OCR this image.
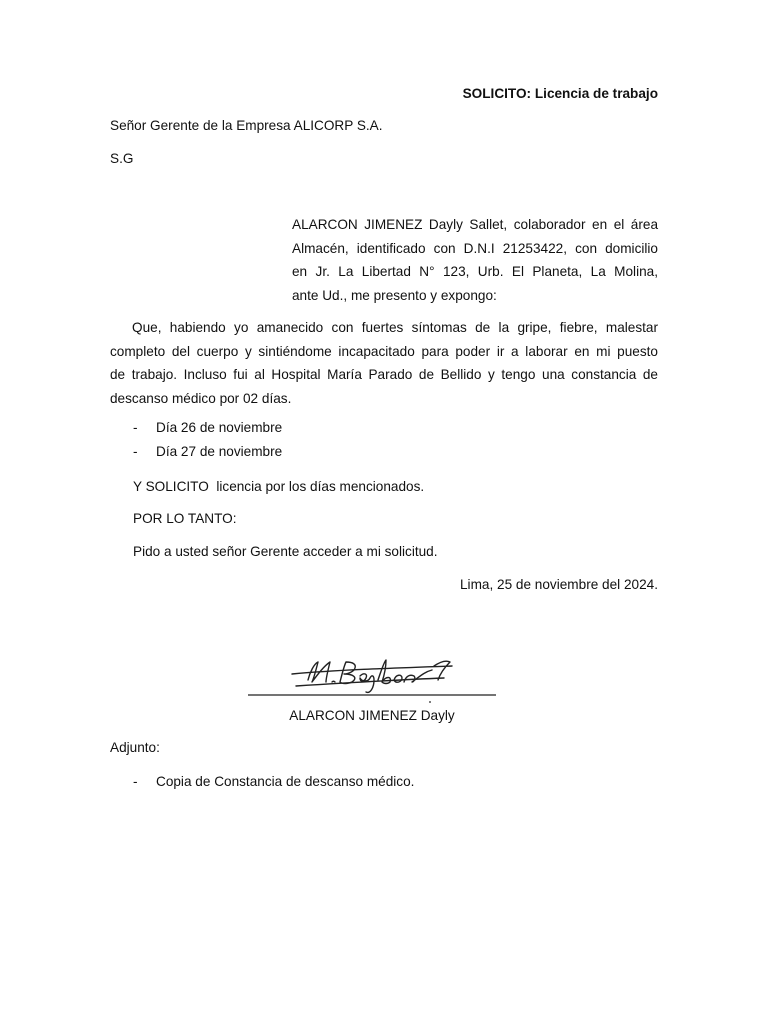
SOLICITO: Licencia de trabajo
Señor Gerente de la Empresa ALICORP S.A.
S.G
ALARCON JIMENEZ Dayly Sallet, colaborador en el área
Almacén, identificado con D.N.I 21253422, con domicilio
en Jr. La Libertad N° 123, Urb. El Planeta, La Molina,
ante Ud., me presento y expongo:
Que, habiendo yo amanecido con fuertes síntomas de la gripe, fiebre, malestar
completo del cuerpo y sintiéndome incapacitado para poder ir a laborar en mi puesto
de trabajo. Incluso fui al Hospital María Parado de Bellido y tengo una constancia de
descanso médico por 02 días.
- Día 26 de noviembre
- Día 27 de noviembre
Y SOLICITO  licencia por los días mencionados.
POR LO TANTO:
Pido a usted señor Gerente acceder a mi solicitud.
Lima, 25 de noviembre del 2024.
ALARCON JIMENEZ Dayly
Adjunto:
- Copia de Constancia de descanso médico.
